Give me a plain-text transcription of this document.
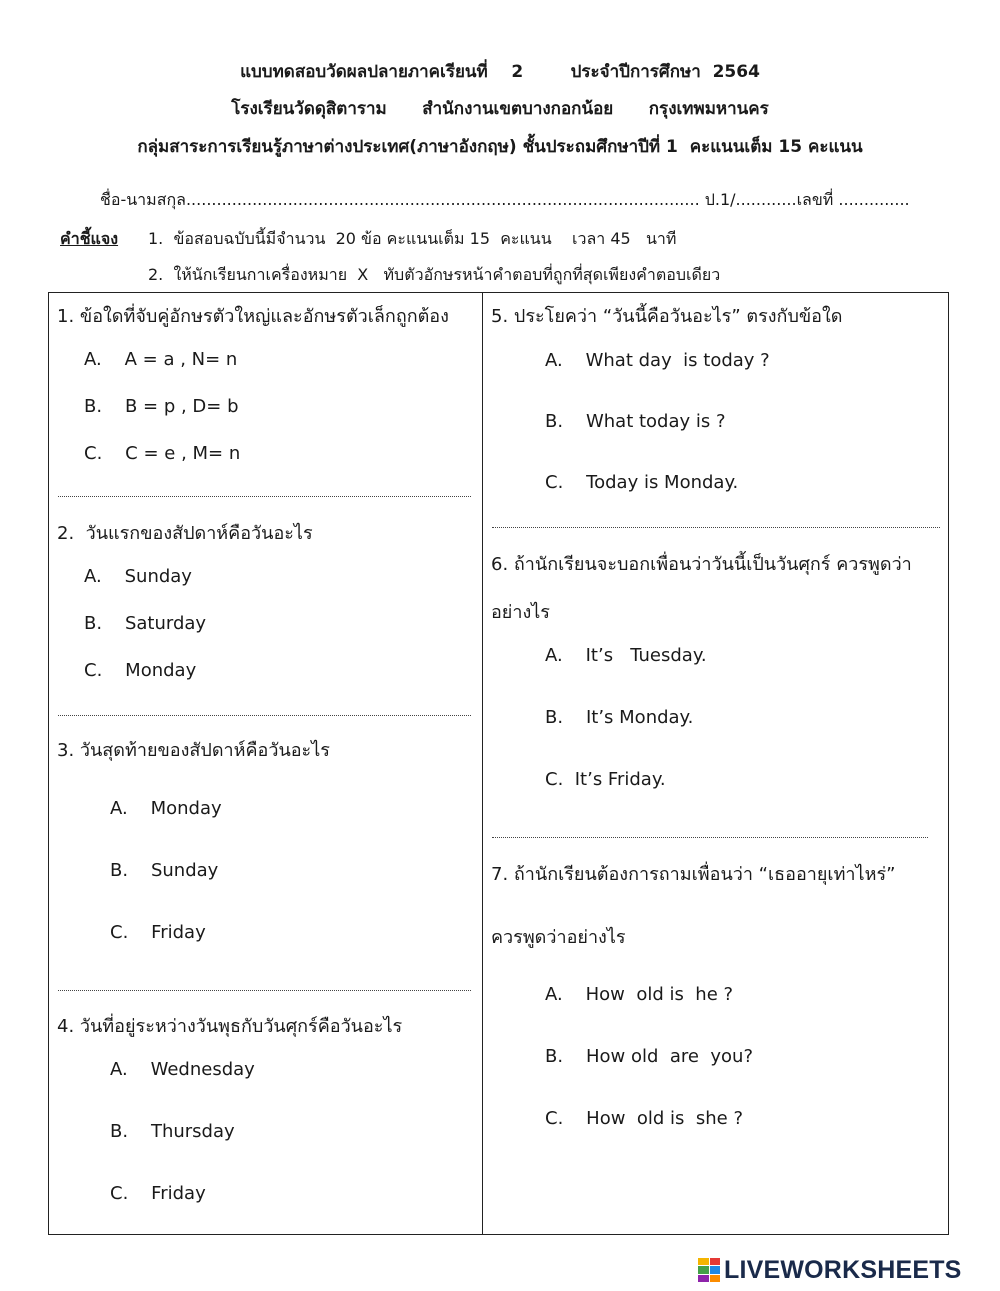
แบบทดสอบวัดผลปลายภาคเรียนที่    2        ประจำปีการศึกษา  2564
โรงเรียนวัดดุสิตาราม      สำนักงานเขตบางกอกน้อย      กรุงเทพมหานคร
กลุ่มสาระการเรียนรู้ภาษาต่างประเทศ(ภาษาอังกฤษ) ชั้นประถมศึกษาปีที่ 1  คะแนนเต็ม 15 คะแนน
ชื่อ-นามสกุล..................................................................................................... ป.1/............เลขที่ ..............
คำชี้แจง 1.  ข้อสอบฉบับนี้มีจำนวน  20 ข้อ คะแนนเต็ม 15  คะแนน    เวลา 45   นาที
2.  ให้นักเรียนกาเครื่องหมาย  X   ทับตัวอักษรหน้าคำตอบที่ถูกที่สุดเพียงคำตอบเดียว
1. ข้อใดที่จับคู่อักษรตัวใหญ่และอักษรตัวเล็กถูกต้อง
A.    A = a , N= n
B.    B = p , D= b
C.    C = e , M= n
2.  วันแรกของสัปดาห์คือวันอะไร
A.    Sunday
B.    Saturday
C.    Monday
3. วันสุดท้ายของสัปดาห์คือวันอะไร
A.    Monday
B.    Sunday
C.    Friday
4. วันที่อยู่ระหว่างวันพุธกับวันศุกร์คือวันอะไร
A.    Wednesday
B.    Thursday
C.    Friday
5. ประโยคว่า “วันนี้คือวันอะไร” ตรงกับข้อใด
A.    What day  is today ?
B.    What today is ?
C.    Today is Monday.
6. ถ้านักเรียนจะบอกเพื่อนว่าวันนี้เป็นวันศุกร์ ควรพูดว่า
อย่างไร
A.    It’s   Tuesday.
B.    It’s Monday.
C.  It’s Friday.
7. ถ้านักเรียนต้องการถามเพื่อนว่า “เธออายุเท่าไหร่”
ควรพูดว่าอย่างไร
A.    How  old is  he ?
B.    How old  are  you?
C.    How  old is  she ?
LIVEWORKSHEETS
